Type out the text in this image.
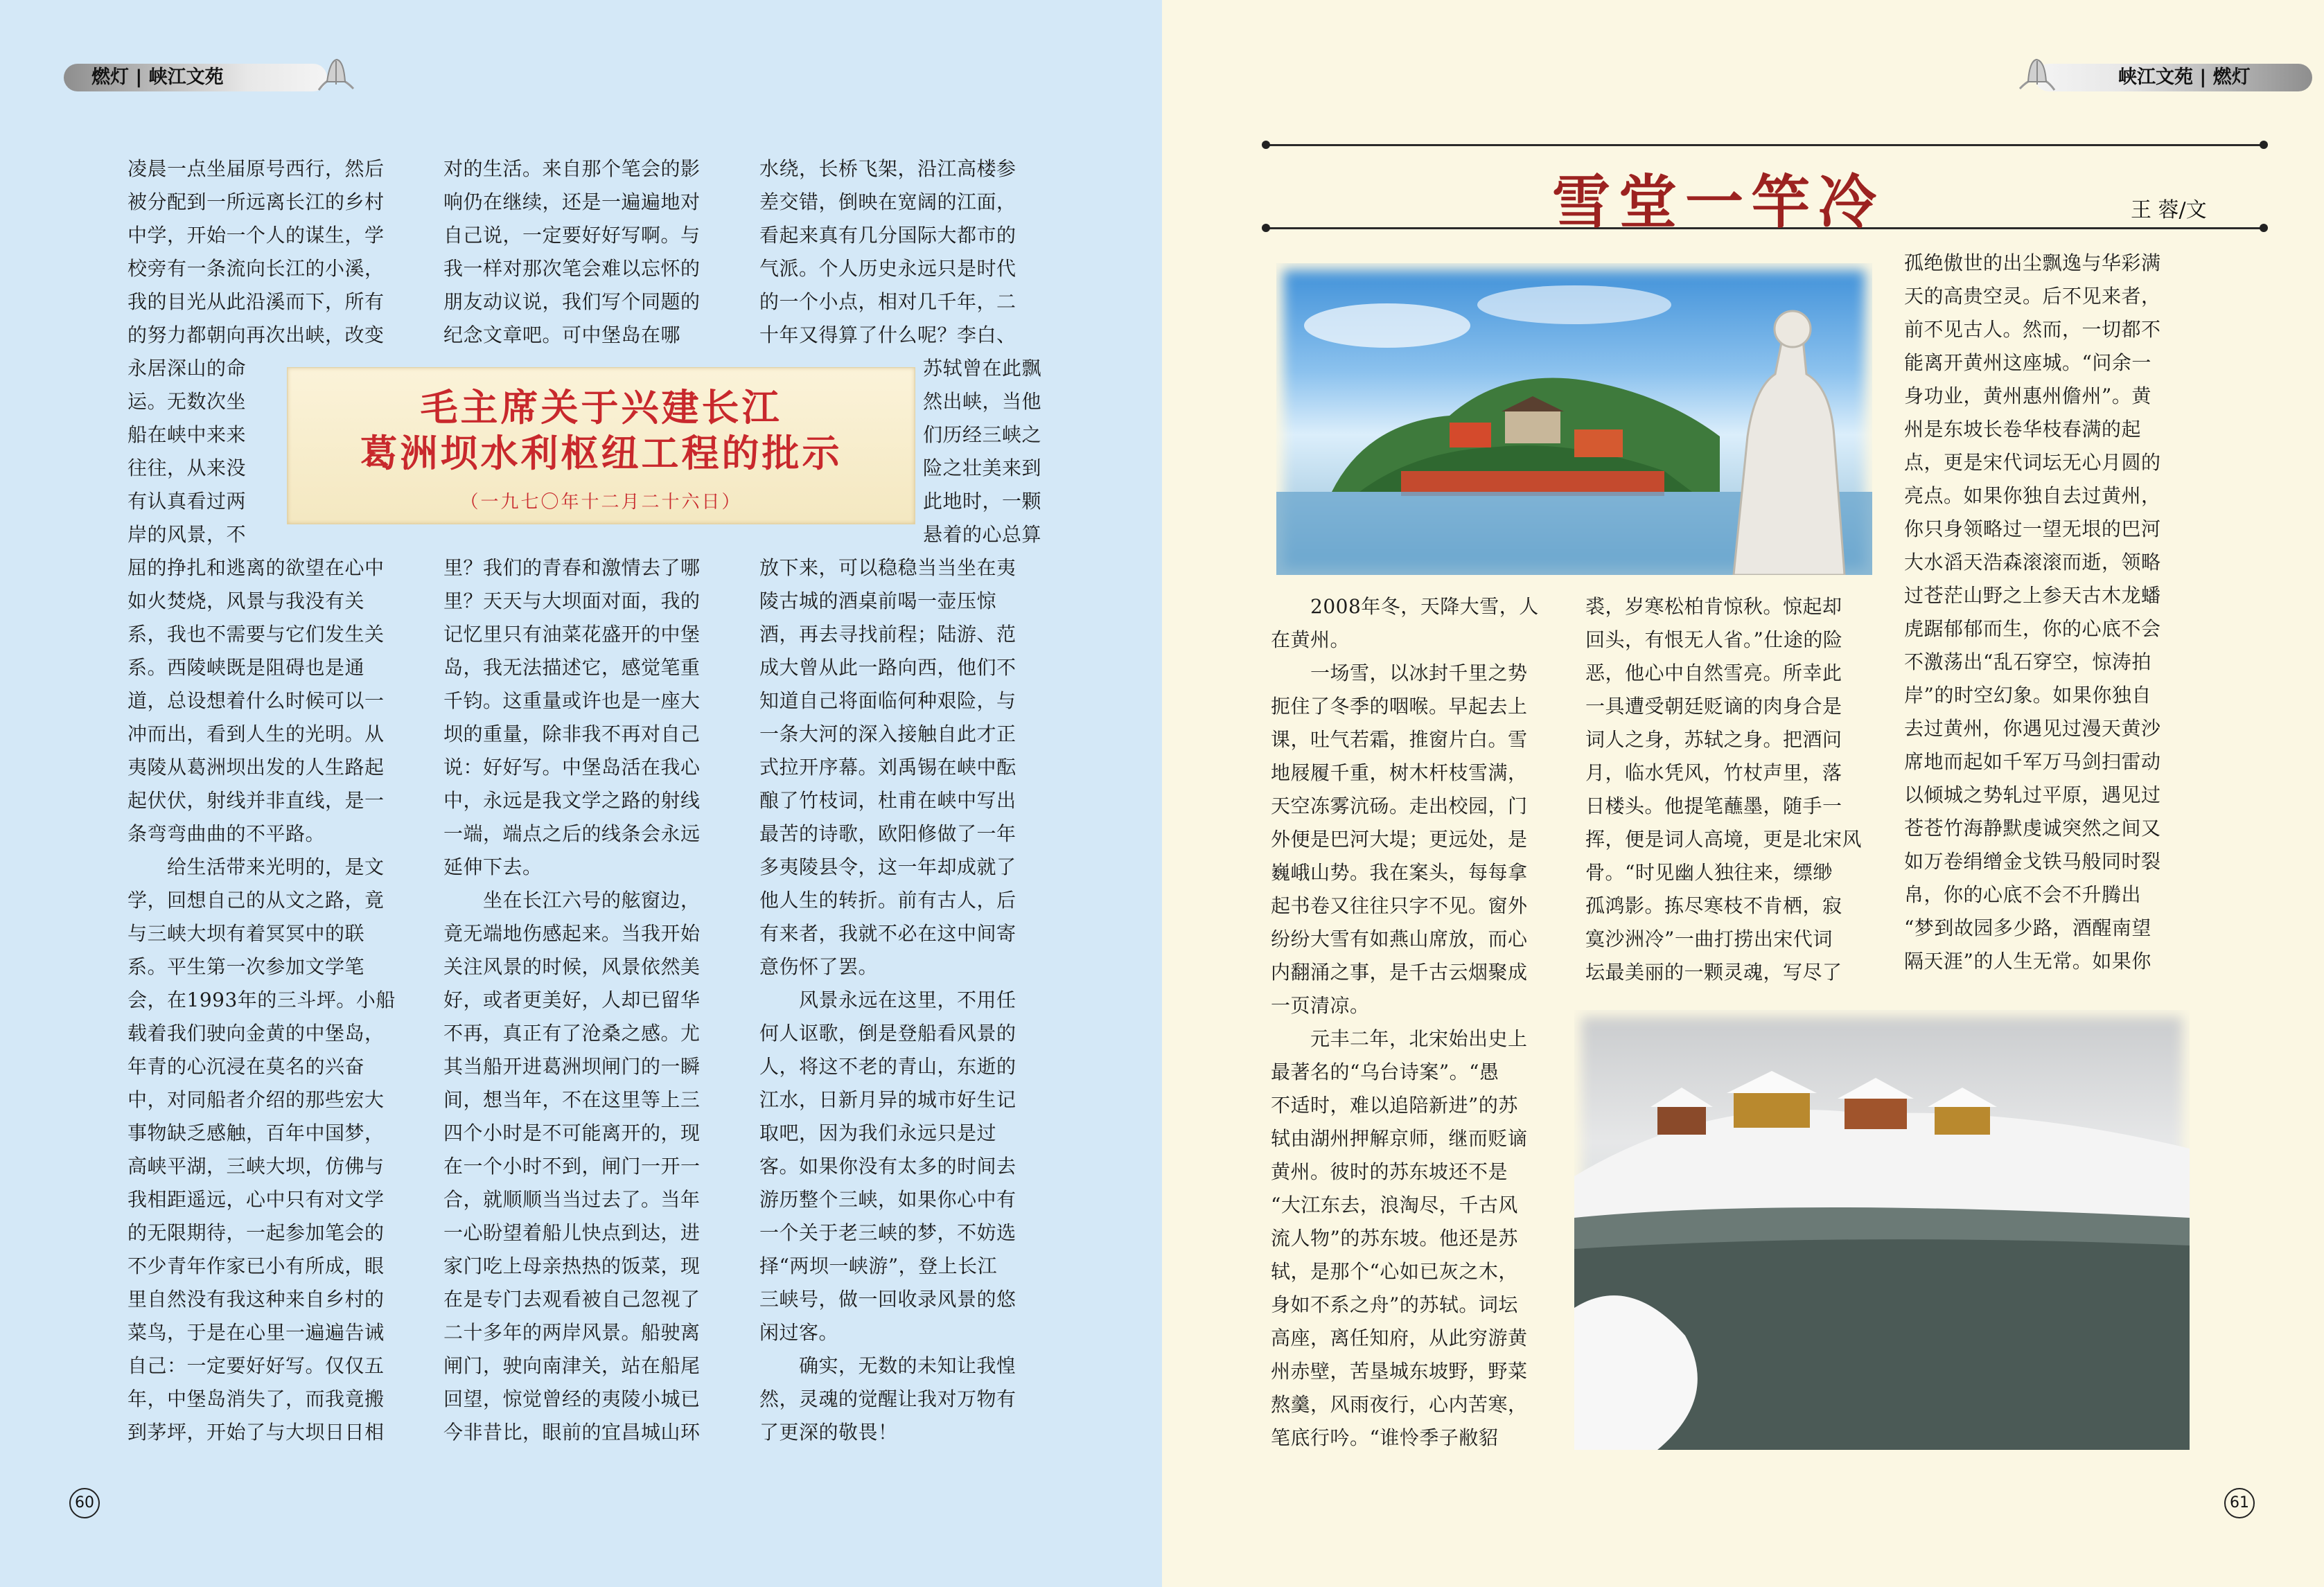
燃灯 | 峡江文苑
凌晨一点坐届原号西行，然后
被分配到一所远离长江的乡村
中学，开始一个人的谋生，学
校旁有一条流向长江的小溪，
我的目光从此沿溪而下，所有
的努力都朝向再次出峡，改变
永居深山的命
运。无数次坐
船在峡中来来
往往，从来没
有认真看过两
岸的风景，不
屈的挣扎和逃离的欲望在心中
如火焚烧，风景与我没有关
系，我也不需要与它们发生关
系。西陵峡既是阻碍也是通
道，总设想着什么时候可以一
冲而出，看到人生的光明。从
夷陵从葛洲坝出发的人生路起
起伏伏，射线并非直线，是一
条弯弯曲曲的不平路。
　　给生活带来光明的，是文
学，回想自己的从文之路，竟
与三峡大坝有着冥冥中的联
系。平生第一次参加文学笔
会，在1993年的三斗坪。小船
载着我们驶向金黄的中堡岛，
年青的心沉浸在莫名的兴奋
中，对同船者介绍的那些宏大
事物缺乏感触，百年中国梦，
高峡平湖，三峡大坝，仿佛与
我相距遥远，心中只有对文学
的无限期待，一起参加笔会的
不少青年作家已小有所成，眼
里自然没有我这种来自乡村的
菜鸟，于是在心里一遍遍告诫
自己：一定要好好写。仅仅五
年，中堡岛消失了，而我竟搬
到茅坪，开始了与大坝日日相
对的生活。来自那个笔会的影
响仍在继续，还是一遍遍地对
自己说，一定要好好写啊。与
我一样对那次笔会难以忘怀的
朋友动议说，我们写个同题的
纪念文章吧。可中堡岛在哪
里？我们的青春和激情去了哪
里？天天与大坝面对面，我的
记忆里只有油菜花盛开的中堡
岛，我无法描述它，感觉笔重
千钧。这重量或许也是一座大
坝的重量，除非我不再对自己
说：好好写。中堡岛活在我心
中，永远是我文学之路的射线
一端，端点之后的线条会永远
延伸下去。
　　坐在长江六号的舷窗边，
竟无端地伤感起来。当我开始
关注风景的时候，风景依然美
好，或者更美好，人却已留华
不再，真正有了沧桑之感。尤
其当船开进葛洲坝闸门的一瞬
间，想当年，不在这里等上三
四个小时是不可能离开的，现
在一个小时不到，闸门一开一
合，就顺顺当当过去了。当年
一心盼望着船儿快点到达，进
家门吃上母亲热热的饭菜，现
在是专门去观看被自己忽视了
二十多年的两岸风景。船驶离
闸门，驶向南津关，站在船尾
回望，惊觉曾经的夷陵小城已
今非昔比，眼前的宜昌城山环
水绕，长桥飞架，沿江高楼参
差交错，倒映在宽阔的江面，
看起来真有几分国际大都市的
气派。个人历史永远只是时代
的一个小点，相对几千年，二
十年又得算了什么呢？李白、
苏轼曾在此飘
然出峡，当他
们历经三峡之
险之壮美来到
此地时，一颗
悬着的心总算
放下来，可以稳稳当当坐在夷
陵古城的酒桌前喝一壶压惊
酒，再去寻找前程；陆游、范
成大曾从此一路向西，他们不
知道自己将面临何种艰险，与
一条大河的深入接触自此才正
式拉开序幕。刘禹锡在峡中酝
酿了竹枝词，杜甫在峡中写出
最苦的诗歌，欧阳修做了一年
多夷陵县令，这一年却成就了
他人生的转折。前有古人，后
有来者，我就不必在这中间寄
意伤怀了罢。
　　风景永远在这里，不用任
何人讴歌，倒是登船看风景的
人，将这不老的青山，东逝的
江水，日新月异的城市好生记
取吧，因为我们永远只是过
客。如果你没有太多的时间去
游历整个三峡，如果你心中有
一个关于老三峡的梦，不妨选
择“两坝一峡游”，登上长江
三峡号，做一回收录风景的悠
闲过客。
　　确实，无数的未知让我惶
然，灵魂的觉醒让我对万物有
了更深的敬畏！
毛主席关于兴建长江
葛洲坝水利枢纽工程的批示
（一九七〇年十二月二十六日）
60
峡江文苑 | 燃灯
雪堂一竿冷	王 蓉/文
　　2008年冬，天降大雪，人
在黄州。
　　一场雪，以冰封千里之势
扼住了冬季的咽喉。早起去上
课，吐气若霜，推窗片白。雪
地屐履千重，树木杆枝雪满，
天空冻雾沆砀。走出校园，门
外便是巴河大堤；更远处，是
巍峨山势。我在案头，每每拿
起书卷又往往只字不见。窗外
纷纷大雪有如燕山席放，而心
内翻涌之事，是千古云烟聚成
一页清凉。
　　元丰二年，北宋始出史上
最著名的“乌台诗案”。“愚
不适时，难以追陪新进”的苏
轼由湖州押解京师，继而贬谪
黄州。彼时的苏东坡还不是
“大江东去，浪淘尽，千古风
流人物”的苏东坡。他还是苏
轼，是那个“心如已灰之木，
身如不系之舟”的苏轼。词坛
高座，离任知府，从此穷游黄
州赤壁，苦垦城东坡野，野菜
熬羹，风雨夜行，心内苦寒，
笔底行吟。“谁怜季子敝貂
裘，岁寒松柏肯惊秋。惊起却
回头，有恨无人省。”仕途的险
恶，他心中自然雪亮。所幸此
一具遭受朝廷贬谪的肉身合是
词人之身，苏轼之身。把酒问
月，临水凭风，竹杖声里，落
日楼头。他提笔蘸墨，随手一
挥，便是词人高境，更是北宋风
骨。“时见幽人独往来，缥缈
孤鸿影。拣尽寒枝不肯栖，寂
寞沙洲冷”一曲打捞出宋代词
坛最美丽的一颗灵魂，写尽了
孤绝傲世的出尘飘逸与华彩满
天的高贵空灵。后不见来者，
前不见古人。然而，一切都不
能离开黄州这座城。“问余一
身功业，黄州惠州儋州”。黄
州是东坡长卷华枝春满的起
点，更是宋代词坛无心月圆的
亮点。如果你独自去过黄州，
你只身领略过一望无垠的巴河
大水滔天浩森滚滚而逝，领略
过苍茫山野之上参天古木龙蟠
虎踞郁郁而生，你的心底不会
不激荡出“乱石穿空，惊涛拍
岸”的时空幻象。如果你独自
去过黄州，你遇见过漫天黄沙
席地而起如千军万马剑扫雷动
以倾城之势轧过平原，遇见过
苍苍竹海静默虔诚突然之间又
如万卷绢缯金戈铁马般同时裂
帛，你的心底不会不升腾出
“梦到故园多少路，酒醒南望
隔天涯”的人生无常。如果你
61
